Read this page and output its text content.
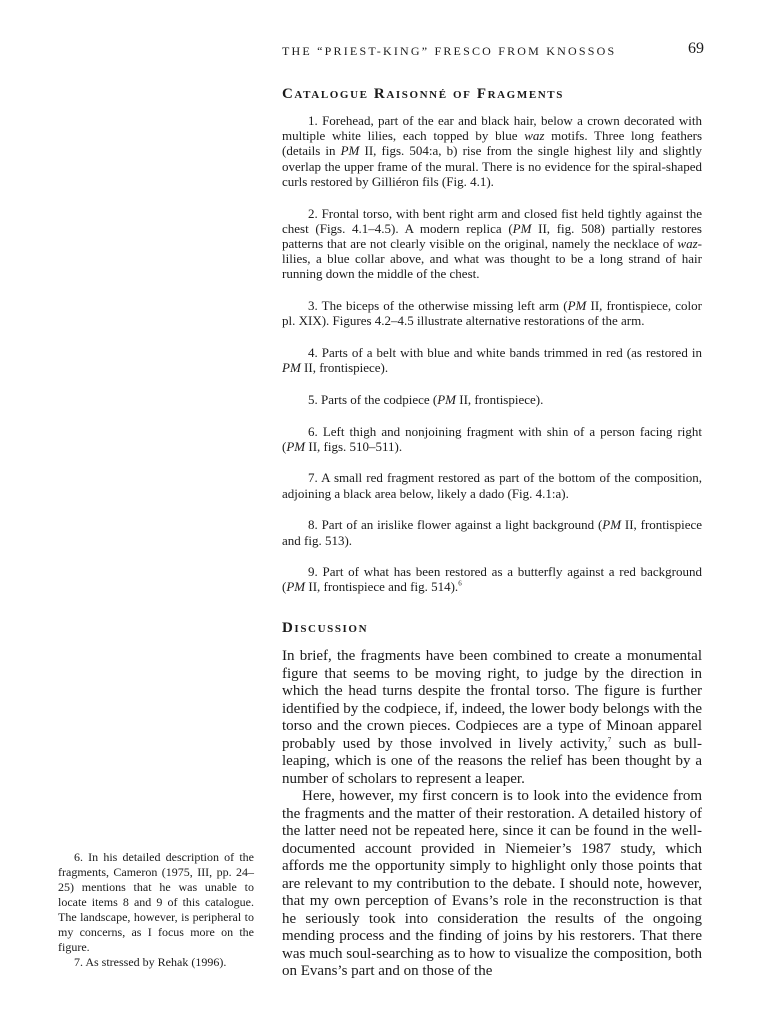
THE “PRIEST-KING” FRESCO FROM KNOSSOS	69
Catalogue Raisonné of Fragments

1. Forehead, part of the ear and black hair, below a crown decorated with multiple white lilies, each topped by blue waz motifs. Three long feathers (details in PM II, figs. 504:a, b) rise from the single highest lily and slightly overlap the upper frame of the mural. There is no evidence for the spiral-shaped curls restored by Gilliéron fils (Fig. 4.1).

2. Frontal torso, with bent right arm and closed fist held tightly against the chest (Figs. 4.1–4.5). A modern replica (PM II, fig. 508) partially restores patterns that are not clearly visible on the original, namely the necklace of waz-lilies, a blue collar above, and what was thought to be a long strand of hair running down the middle of the chest.

3. The biceps of the otherwise missing left arm (PM II, frontispiece, color pl. XIX). Figures 4.2–4.5 illustrate alternative restorations of the arm.

4. Parts of a belt with blue and white bands trimmed in red (as restored in PM II, frontispiece).

5. Parts of the codpiece (PM II, frontispiece).

6. Left thigh and nonjoining fragment with shin of a person facing right (PM II, figs. 510–511).

7. A small red fragment restored as part of the bottom of the composition, adjoining a black area below, likely a dado (Fig. 4.1:a).

8. Part of an irislike flower against a light background (PM II, frontispiece and fig. 513).

9. Part of what has been restored as a butterfly against a red background (PM II, frontispiece and fig. 514).$^6$

Discussion

In brief, the fragments have been combined to create a monumental figure that seems to be moving right, to judge by the direction in which the head turns despite the frontal torso. The figure is further identified by the codpiece, if, indeed, the lower body belongs with the torso and the crown pieces. Codpieces are a type of Minoan apparel probably used by those involved in lively activity,$^7$ such as bull-leaping, which is one of the reasons the relief has been thought by a number of scholars to represent a leaper.

Here, however, my first concern is to look into the evidence from the fragments and the matter of their restoration. A detailed history of the latter need not be repeated here, since it can be found in the well-documented account provided in Niemeier’s 1987 study, which affords me the opportunity simply to highlight only those points that are relevant to my contribution to the debate. I should note, however, that my own perception of Evans’s role in the reconstruction is that he seriously took into consideration the results of the ongoing mending process and the finding of joins by his restorers. That there was much soul-searching as to how to visualize the composition, both on Evans’s part and on those of the

6. In his detailed description of the fragments, Cameron (1975, III, pp. 24–25) mentions that he was unable to locate items 8 and 9 of this catalogue. The landscape, however, is peripheral to my concerns, as I focus more on the figure.

7. As stressed by Rehak (1996).
